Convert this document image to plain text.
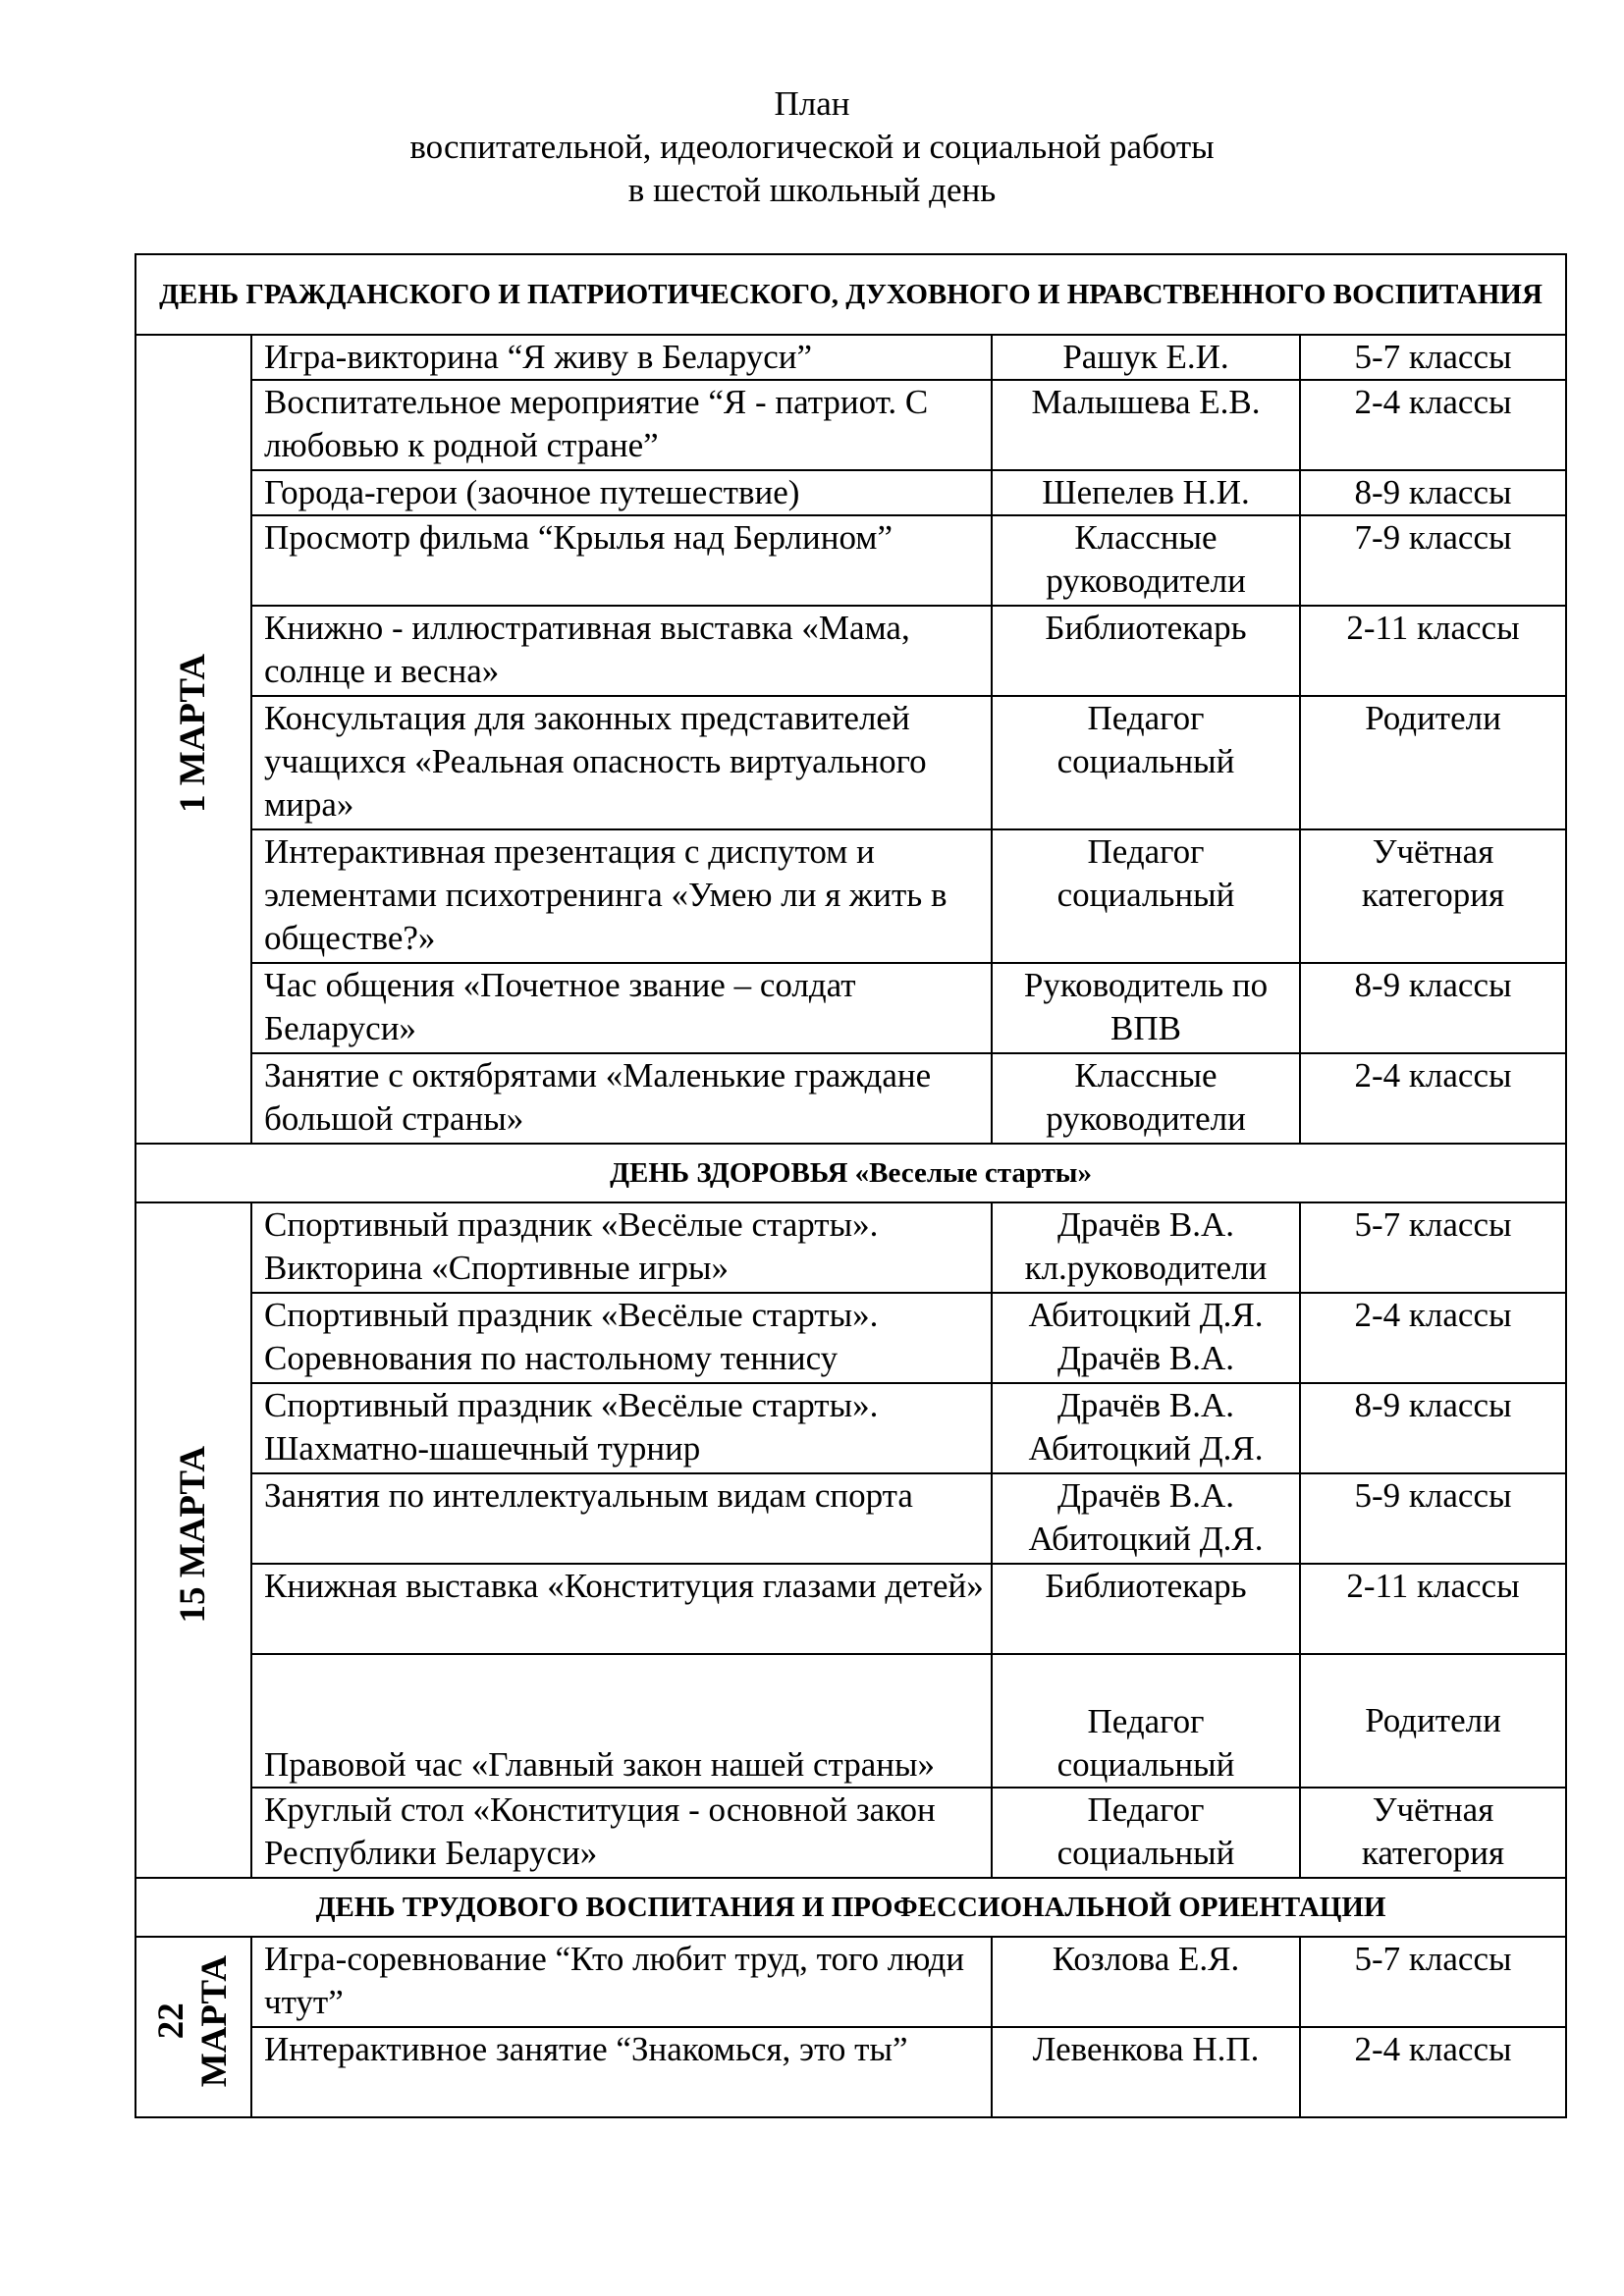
План
воспитательной, идеологической и социальной работы
в шестой школьный день
ДЕНЬ ГРАЖДАНСКОГО И ПАТРИОТИЧЕСКОГО, ДУХОВНОГО И НРАВСТВЕННОГО ВОСПИТАНИЯ			
1 МАРТА	Игра-викторина “Я живу в Беларуси”	Рашук Е.И.	5-7 классы
	Воспитательное мероприятие “Я - патриот. С любовью к родной стране”	Малышева Е.В.	2-4 классы
	Города-герои (заочное путешествие)	Шепелев Н.И.	8-9 классы
	Просмотр фильма “Крылья над Берлином”	Классные руководители	7-9 классы
	Книжно - иллюстративная выставка «Мама, солнце и весна»	Библиотекарь	2-11 классы
	Консультация для законных представителей учащихся «Реальная опасность виртуального мира»	Педагог социальный	Родители
	Интерактивная презентация с диспутом и элементами психотренинга «Умею ли я жить в обществе?»	Педагог социальный	Учётная категория
	Час общения «Почетное звание – солдат Беларуси»	Руководитель по ВПВ	8-9 классы
	Занятие с октябрятами «Маленькие граждане большой страны»	Классные руководители	2-4 классы
ДЕНЬ ЗДОРОВЬЯ «Веселые старты»			
15 МАРТА	Спортивный праздник «Весёлые старты». Викторина «Спортивные игры»	Драчёв В.А. кл.руководители	5-7 классы
	Спортивный праздник «Весёлые старты». Соревнования по настольному теннису	Абитоцкий Д.Я. Драчёв В.А.	2-4 классы
	Спортивный праздник «Весёлые старты». Шахматно-шашечный турнир	Драчёв В.А. Абитоцкий Д.Я.	8-9 классы
	Занятия по интеллектуальным видам спорта	Драчёв В.А. Абитоцкий Д.Я.	5-9 классы
	Книжная выставка «Конституция глазами детей»	Библиотекарь	2-11 классы
	Правовой час «Главный закон нашей страны»	Педагог социальный	Родители
	Круглый стол «Конституция - основной закон Республики Беларуси»	Педагог социальный	Учётная категория
ДЕНЬ ТРУДОВОГО ВОСПИТАНИЯ И ПРОФЕССИОНАЛЬНОЙ ОРИЕНТАЦИИ			
22
МАРТА	Игра-соревнование “Кто любит труд, того люди чтут”	Козлова Е.Я.	5-7 классы
	Интерактивное занятие “Знакомься, это ты”	Левенкова Н.П.	2-4 классы
